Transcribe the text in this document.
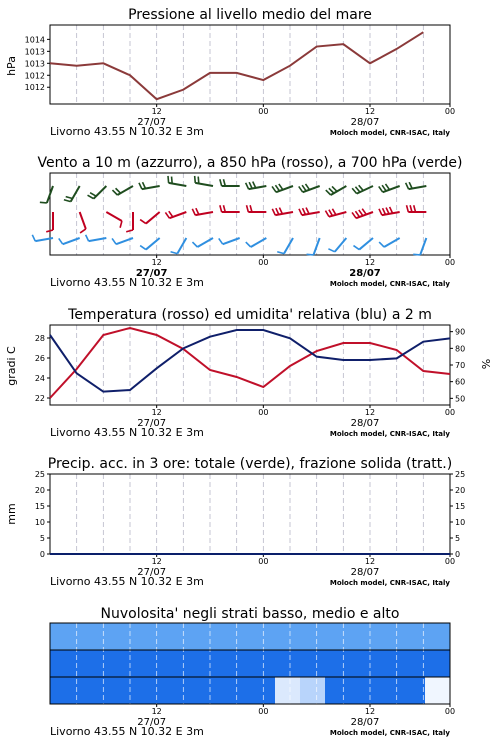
Pressione al livello medio del mare
Vento a 10 m (azzurro), a 850 hPa (rosso), a 700 hPa (verde)
Temperatura (rosso) ed umidita' relativa (blu) a 2 m
Precip. acc. in 3 ore: totale (verde), frazione solida (tratt.)
Nuvolosita' negli strati basso, medio e alto
hPa
gradi C	%
mm
12	00	12	00
27/07	28/07
Livorno 43.55 N 10.32 E 3m	Moloch model, CNR-ISAC, Italy
12	00	12	00
27/07	28/07
Livorno 43.55 N 10.32 E 3m	Moloch model, CNR-ISAC, Italy
12	00	12	00
27/07	28/07
Livorno 43.55 N 10.32 E 3m	Moloch model, CNR-ISAC, Italy
12	00	12	00
27/07	28/07
Livorno 43.55 N 10.32 E 3m	Moloch model, CNR-ISAC, Italy
12	00	12	00
27/07	28/07
Livorno 43.55 N 10.32 E 3m	Moloch model, CNR-ISAC, Italy
1012
1012
1013
1013
1014
22
24
26
28
50
60
70
80
90
0	0
5	5
10	10
15	15
20	20
25	25
